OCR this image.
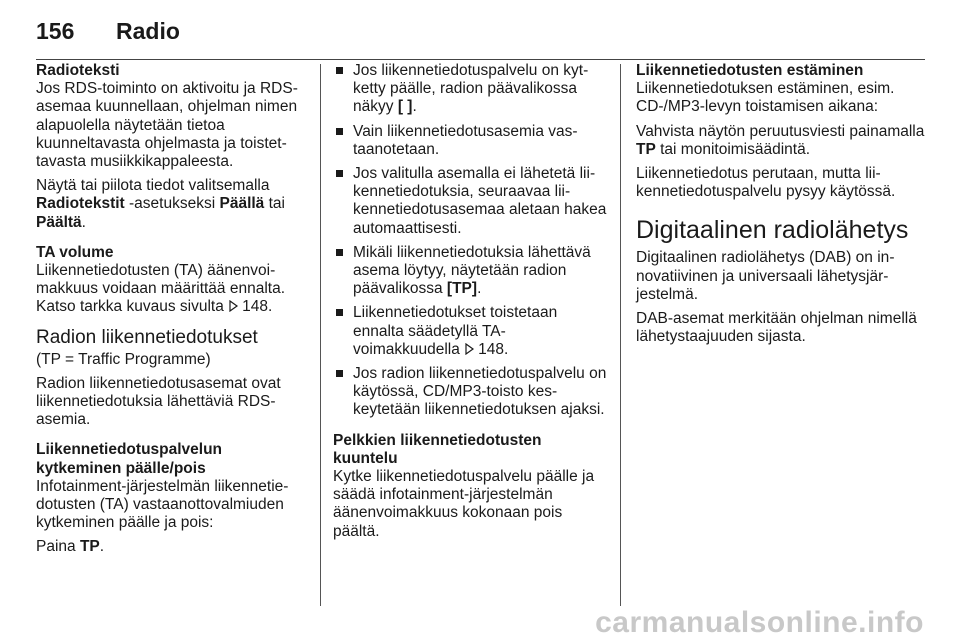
156 Radio
Radioteksti

Jos RDS-toiminto on aktivoitu ja RDS-asemaa kuunnellaan, ohjelman nimen alapuolella näytetään tietoa kuunneltavasta ohjelmasta ja toistettavasta musiikkikappaleesta.

Näytä tai piilota tiedot valitsemalla Radiotekstit -asetukseksi Päällä tai Päältä.

TA volume

Liikennetiedotusten (TA) äänenvoimakkuus voidaan määrittää ennalta. Katso tarkka kuvaus sivulta 148.

Radion liikennetiedotukset

(TP = Traffic Programme)

Radion liikennetiedotusasemat ovat liikennetiedotuksia lähettäviä RDS-asemia.

Liikennetiedotuspalvelun kytkeminen päälle/pois

Infotainment-järjestelmän liikennetiedotusten (TA) vastaanottovalmiuden kytkeminen päälle ja pois:

Paina TP.

Jos liikennetiedotuspalvelu on kytketty päälle, radion päävalikossa näkyy [ ].
Vain liikennetiedotusasemia vastaanotetaan.
Jos valitulla asemalla ei lähetetä liikennetiedotuksia, seuraavaa liikennetiedotusasemaa aletaan hakea automaattisesti.
Mikäli liikennetiedotuksia lähettävä asema löytyy, näytetään radion päävalikossa [TP].
Liikennetiedotukset toistetaan ennalta säädetyllä TA-voimakkuudella 148.
Jos radion liikennetiedotuspalvelu on käytössä, CD/MP3-toisto keskeytetään liikennetiedotuksen ajaksi.
Pelkkien liikennetiedotusten kuuntelu

Kytke liikennetiedotuspalvelu päälle ja säädä infotainment-järjestelmän äänenvoimakkuus kokonaan pois päältä.

Liikennetiedotusten estäminen

Liikennetiedotuksen estäminen, esim. CD-/MP3-levyn toistamisen aikana:

Vahvista näytön peruutusviesti painamalla TP tai monitoimisäädintä.

Liikennetiedotus perutaan, mutta liikennetiedotuspalvelu pysyy käytössä.

Digitaalinen radiolähetys

Digitaalinen radiolähetys (DAB) on innovatiivinen ja universaali lähetysjärjestelmä.

DAB-asemat merkitään ohjelman nimellä lähetystaajuuden sijasta.

carmanualsonline.info
